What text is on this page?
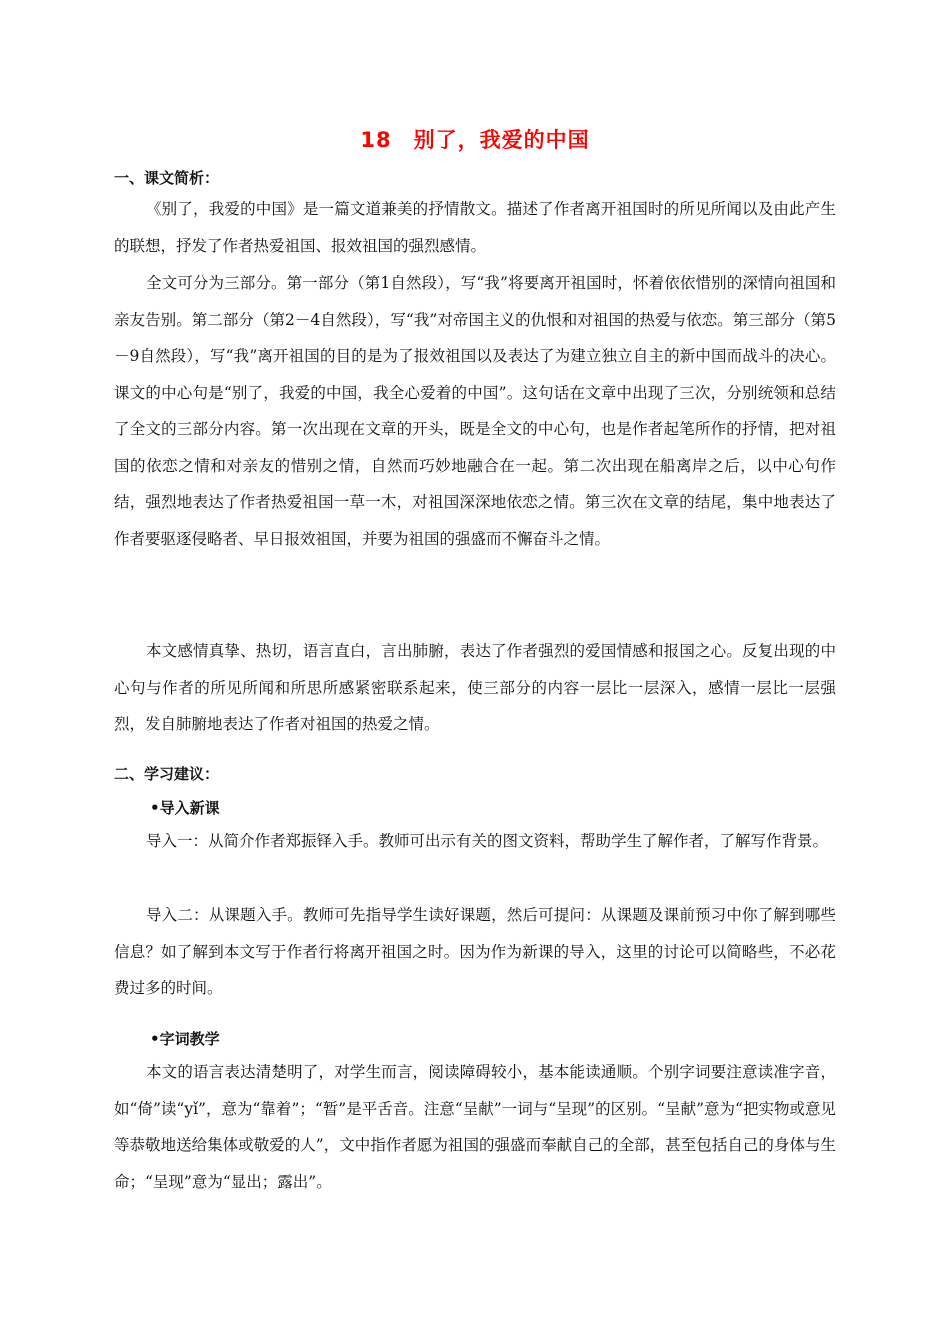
18 别了，我爱的中国
一、课文简析：

《别了，我爱的中国》是一篇文道兼美的抒情散文。描述了作者离开祖国时的所见所闻以及由此产生的联想，抒发了作者热爱祖国、报效祖国的强烈感情。

全文可分为三部分。第一部分（第1自然段），写“我”将要离开祖国时，怀着依依惜别的深情向祖国和亲友告别。第二部分（第2－4自然段），写“我”对帝国主义的仇恨和对祖国的热爱与依恋。第三部分（第5－9自然段），写“我”离开祖国的目的是为了报效祖国以及表达了为建立独立自主的新中国而战斗的决心。课文的中心句是“别了，我爱的中国，我全心爱着的中国”。这句话在文章中出现了三次，分别统领和总结了全文的三部分内容。第一次出现在文章的开头，既是全文的中心句，也是作者起笔所作的抒情，把对祖国的依恋之情和对亲友的惜别之情，自然而巧妙地融合在一起。第二次出现在船离岸之后，以中心句作结，强烈地表达了作者热爱祖国一草一木，对祖国深深地依恋之情。第三次在文章的结尾，集中地表达了作者要驱逐侵略者、早日报效祖国，并要为祖国的强盛而不懈奋斗之情。

本文感情真挚、热切，语言直白，言出肺腑，表达了作者强烈的爱国情感和报国之心。反复出现的中心句与作者的所见所闻和所思所感紧密联系起来，使三部分的内容一层比一层深入，感情一层比一层强烈，发自肺腑地表达了作者对祖国的热爱之情。

二、学习建议：
•导入新课

导入一：从简介作者郑振铎入手。教师可出示有关的图文资料，帮助学生了解作者，了解写作背景。

导入二：从课题入手。教师可先指导学生读好课题，然后可提问：从课题及课前预习中你了解到哪些信息？如了解到本文写于作者行将离开祖国之时。因为作为新课的导入，这里的讨论可以简略些，不必花费过多的时间。

•字词教学

本文的语言表达清楚明了，对学生而言，阅读障碍较小，基本能读通顺。个别字词要注意读准字音，如“倚”读“yǐ”，意为“靠着”；“暂”是平舌音。注意“呈献”一词与“呈现”的区别。“呈献”意为“把实物或意见等恭敬地送给集体或敬爱的人”，文中指作者愿为祖国的强盛而奉献自己的全部，甚至包括自己的身体与生命；“呈现”意为“显出；露出”。
